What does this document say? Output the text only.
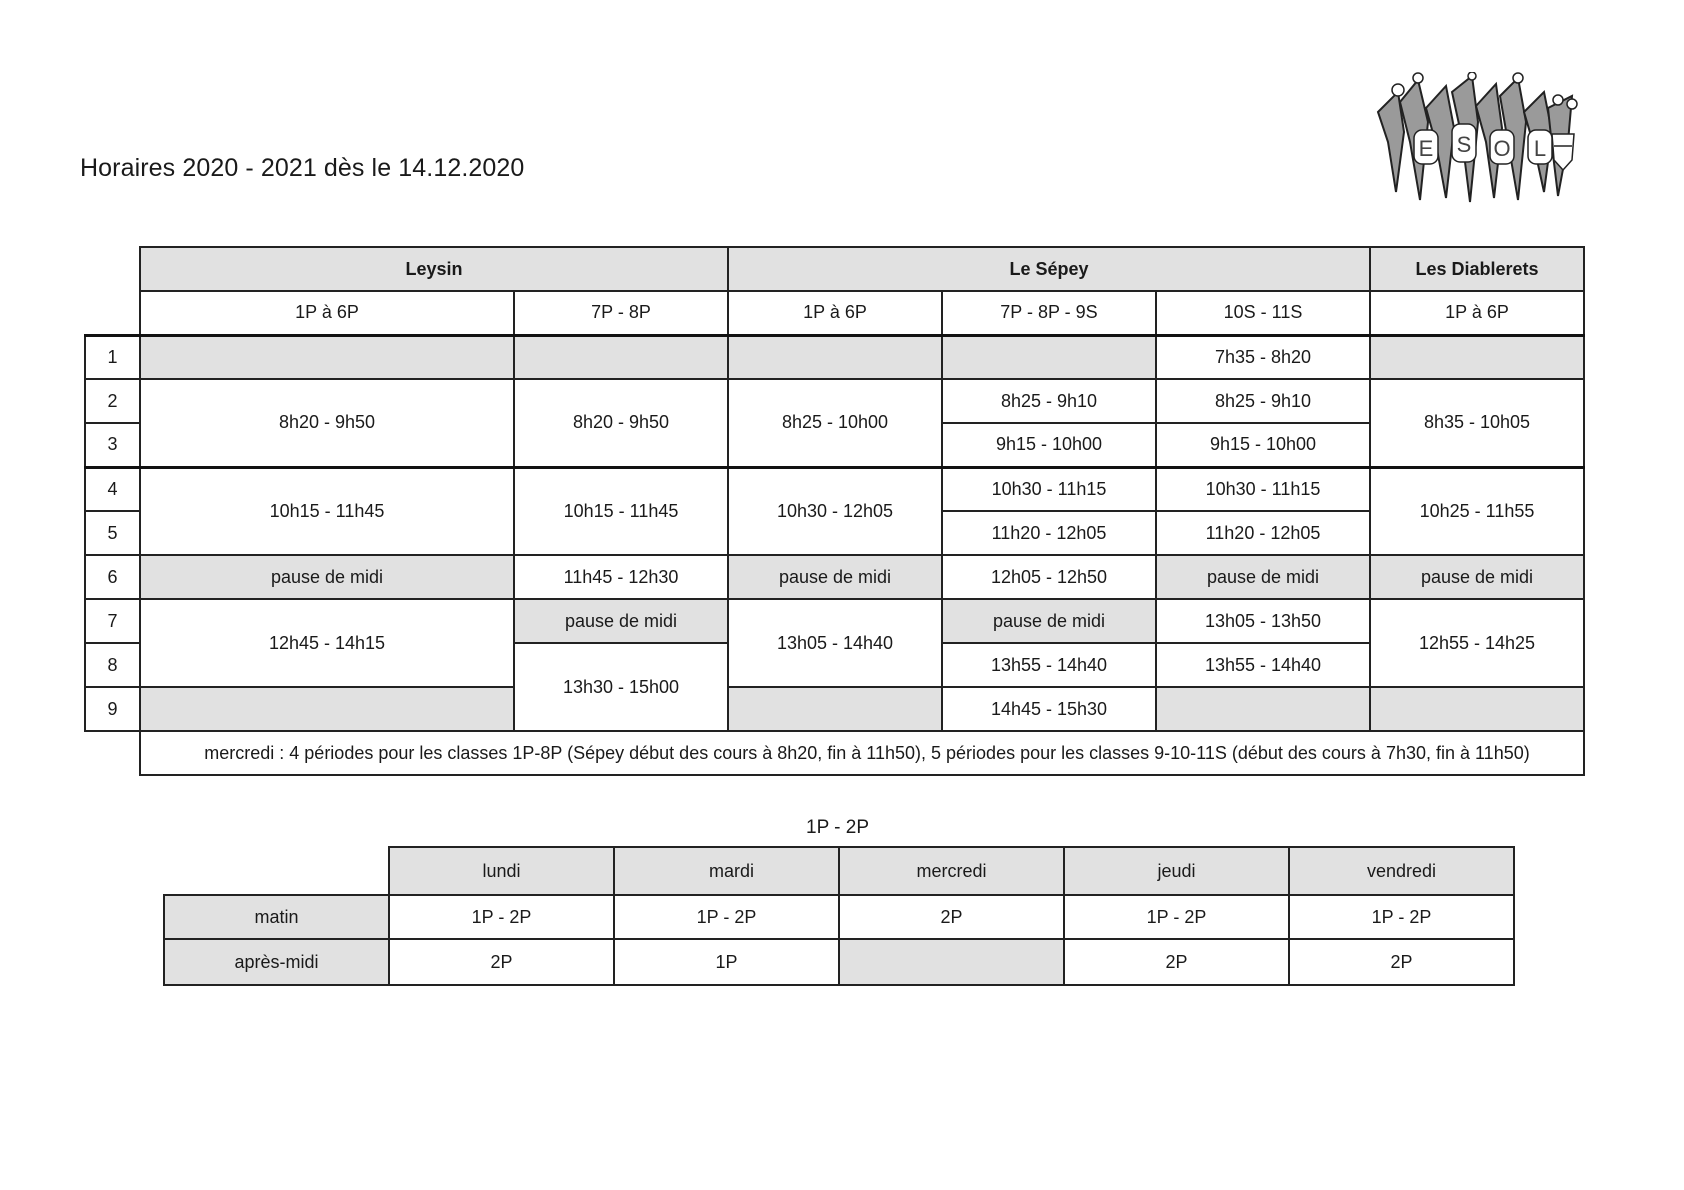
Horaires 2020 - 2021 dès le 14.12.2020
E S O L
	Leysin		Le Sépey			Les Diablerets
	1P à 6P	7P - 8P	1P à 6P	7P - 8P - 9S	10S - 11S	1P à 6P
1					7h35 - 8h20	
2	8h20 - 9h50	8h20 - 9h50	8h25 - 10h00	8h25 - 9h10	8h25 - 9h10	8h35 - 10h05
3				9h15 - 10h00	9h15 - 10h00	
4	10h15 - 11h45	10h15 - 11h45	10h30 - 12h05	10h30 - 11h15	10h30 - 11h15	10h25 - 11h55
5				11h20 - 12h05	11h20 - 12h05	
6	pause de midi	11h45 - 12h30	pause de midi	12h05 - 12h50	pause de midi	pause de midi
7	12h45 - 14h15	pause de midi	13h05 - 14h40	pause de midi	13h05 - 13h50	12h55 - 14h25
8		13h30 - 15h00		13h55 - 14h40	13h55 - 14h40	
9				14h45 - 15h30		
	mercredi : 4 périodes pour les classes 1P-8P (Sépey début des cours à 8h20, fin à 11h50), 5 périodes pour les classes 9-10-11S (début des cours à 7h30, fin à 11h50)					
1P - 2P
	lundi	mardi	mercredi	jeudi	vendredi
matin	1P - 2P	1P - 2P	2P	1P - 2P	1P - 2P
après-midi	2P	1P		2P	2P
